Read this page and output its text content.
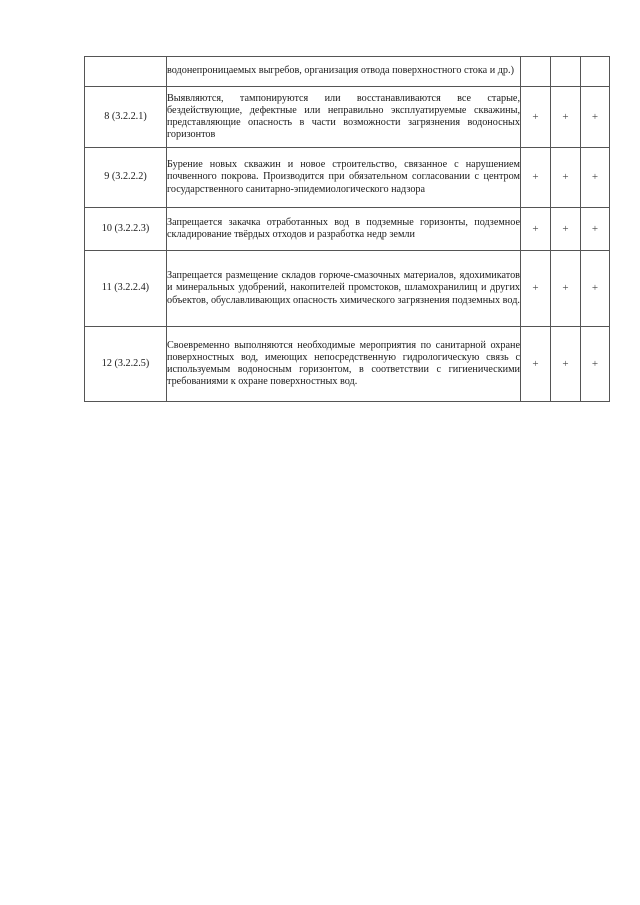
	водонепроницаемых выгребов, организация отвода поверхностного стока и др.)			
8 (3.2.2.1)	Выявляются, тампонируются или восстанавливаются все старые, бездействующие, дефектные или неправильно эксплуатируемые скважины, представляющие опасность в части возможности загрязнения водоносных горизонтов	+	+	+
9 (3.2.2.2)	Бурение новых скважин и новое строительство, связанное с нарушением почвенного покрова. Производится при обязательном согласовании с центром государственного санитарно-эпидемиологического надзора	+	+	+
10 (3.2.2.3)	Запрещается закачка отработанных вод в подземные горизонты, подземное складирование твёрдых отходов и разработка недр земли	+	+	+
11 (3.2.2.4)	Запрещается размещение складов горюче-смазочных материалов, ядохимикатов и минеральных удобрений, накопителей промстоков, шламохранилищ и других объектов, обуславливающих опасность химического загрязнения подземных вод.	+	+	+
12 (3.2.2.5)	Своевременно выполняются необходимые мероприятия по санитарной охране поверхностных вод, имеющих непосредственную гидрологическую связь с используемым водоносным горизонтом, в соответствии с гигиеническими требованиями к охране поверхностных вод.	+	+	+
